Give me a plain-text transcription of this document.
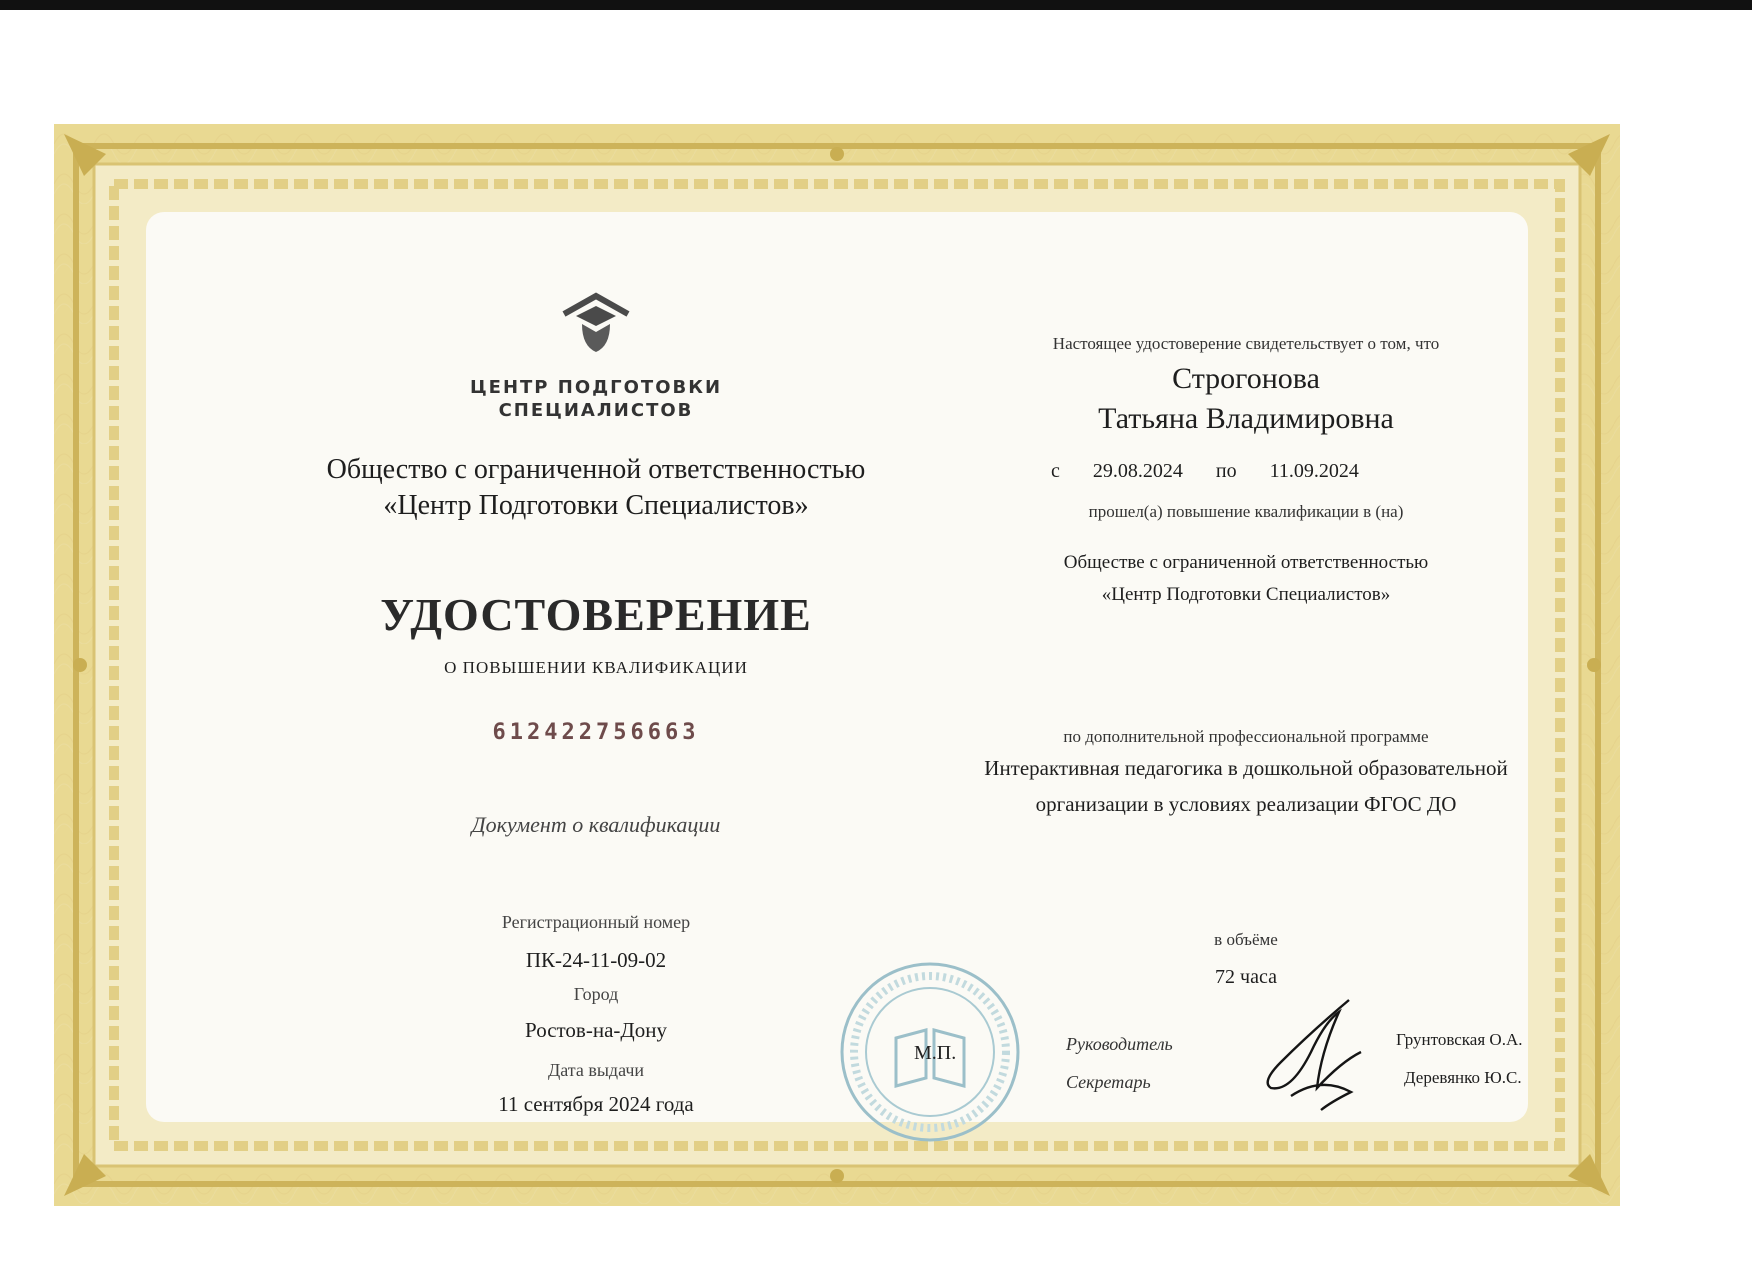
ЦЕНТР ПОДГОТОВКИ
СПЕЦИАЛИСТОВ
Общество с ограниченной ответственностью
«Центр Подготовки Специалистов»
УДОСТОВЕРЕНИЕ
О ПОВЫШЕНИИ КВАЛИФИКАЦИИ
612422756663
Документ о квалификации
Регистрационный номер
ПК-24-11-09-02
Город
Ростов-на-Дону
Дата выдачи
11 сентября 2024 года
Настоящее удостоверение свидетельствует о том, что
Строгонова
Татьяна Владимировна
с 29.08.2024 по 11.09.2024
прошел(а) повышение квалификации в (на)
Обществе с ограниченной ответственностью
«Центр Подготовки Специалистов»
по дополнительной профессиональной программе
Интерактивная педагогика в дошкольной образовательной
организации в условиях реализации ФГОС ДО
в объёме
72 часа
М.П.	Руководитель
Секретарь
Грунтовская О.А.
Деревянко Ю.С.
